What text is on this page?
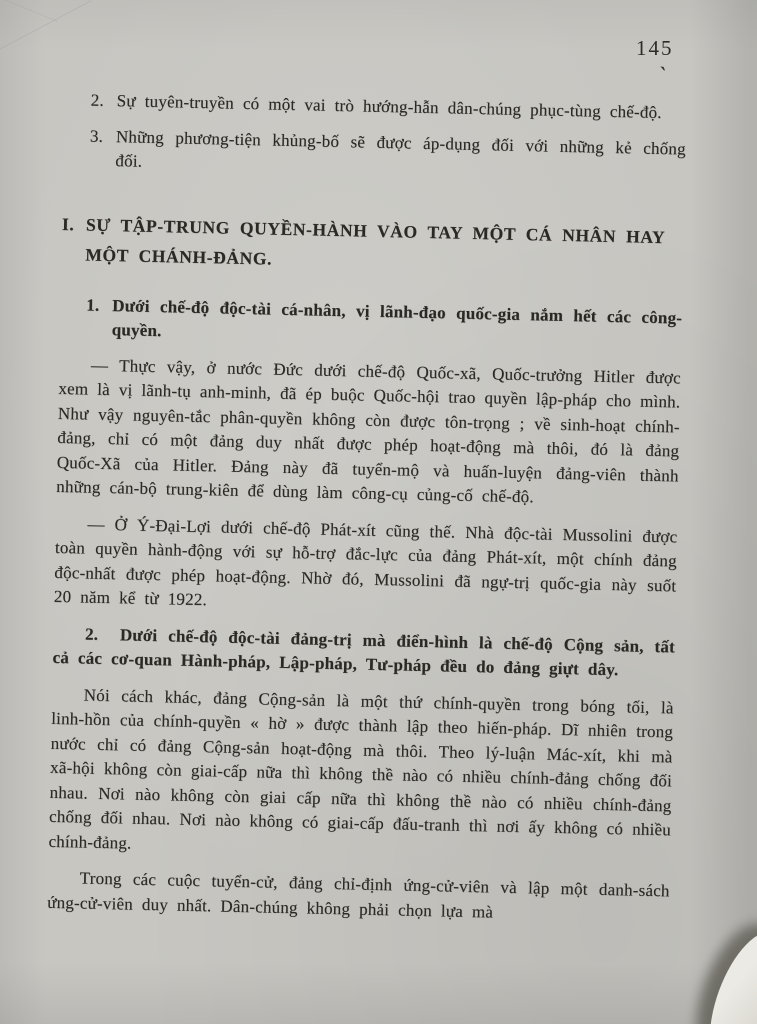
145
`
2. Sự tuyên-truyền có một vai trò hướng-hẫn dân-chúng phục-tùng chế-độ.
3. Những phương-tiện khủng-bố sẽ được áp-dụng đối với những kẻ chống đối.
I. SỰ TẬP-TRUNG QUYỀN-HÀNH VÀO TAY MỘT CÁ NHÂN HAY MỘT CHÁNH-ĐẢNG.
1. Dưới chế-độ độc-tài cá-nhân, vị lãnh-đạo quốc-gia nắm hết các công-quyền.
— Thực vậy, ở nước Đức dưới chế-độ Quốc-xã, Quốc-trưởng Hitler được xem là vị lãnh-tụ anh-minh, đã ép buộc Quốc-hội trao quyền lập-pháp cho mình. Như vậy nguyên-tắc phân-quyền không còn được tôn-trọng ; về sinh-hoạt chính-đảng, chỉ có một đảng duy nhất được phép hoạt-động mà thôi, đó là đảng Quốc-Xã của Hitler. Đảng này đã tuyển-mộ và huấn-luyện đảng-viên thành những cán-bộ trung-kiên để dùng làm công-cụ củng-cố chế-độ.
— Ở Ý-Đại-Lợi dưới chế-độ Phát-xít cũng thế. Nhà độc-tài Mussolini được toàn quyền hành-động với sự hỗ-trợ đắc-lực của đảng Phát-xít, một chính đảng độc-nhất được phép hoạt-động. Nhờ đó, Mussolini đã ngự-trị quốc-gia này suốt 20 năm kể từ 1922.
2.  Dưới chế-độ độc-tài đảng-trị mà điển-hình là chế-độ Cộng sản, tất cả các cơ-quan Hành-pháp, Lập-pháp, Tư-pháp đều do đảng giựt dây.
Nói cách khác, đảng Cộng-sản là một thứ chính-quyền trong bóng tối, là linh-hồn của chính-quyền « hờ » được thành lập theo hiến-pháp. Dĩ nhiên trong nước chỉ có đảng Cộng-sản hoạt-động mà thôi. Theo lý-luận Mác-xít, khi mà xã-hội không còn giai-cấp nữa thì không thề nào có nhiều chính-đảng chống đối nhau. Nơi nào không còn giai cấp nữa thì không thề nào có nhiều chính-đảng chống đối nhau. Nơi nào không có giai-cấp đấu-tranh thì nơi ấy không có nhiều chính-đảng.
Trong các cuộc tuyển-cử, đảng chỉ-định ứng-cử-viên và lập một danh-sách ứng-cử-viên duy nhất. Dân-chúng không phải chọn lựa mà
